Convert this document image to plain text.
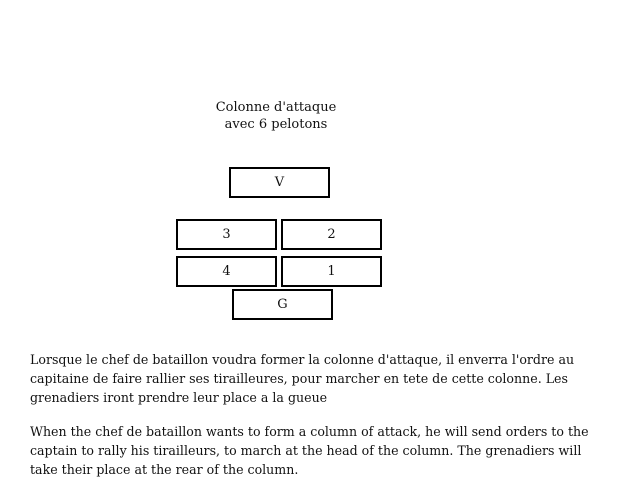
Colonne d'attaque
avec 6 pelotons
V
3	2
4	1
G

Lorsque le chef de bataillon voudra former la colonne d'attaque, il enverra l'ordre au capitaine de faire rallier ses tirailleures, pour marcher en tete de cette colonne. Les grenadiers iront prendre leur place a la gueue

When the chef de bataillon wants to form a column of attack, he will send orders to the captain to rally his tirailleurs, to march at the head of the column. The grenadiers will take their place at the rear of the column.
